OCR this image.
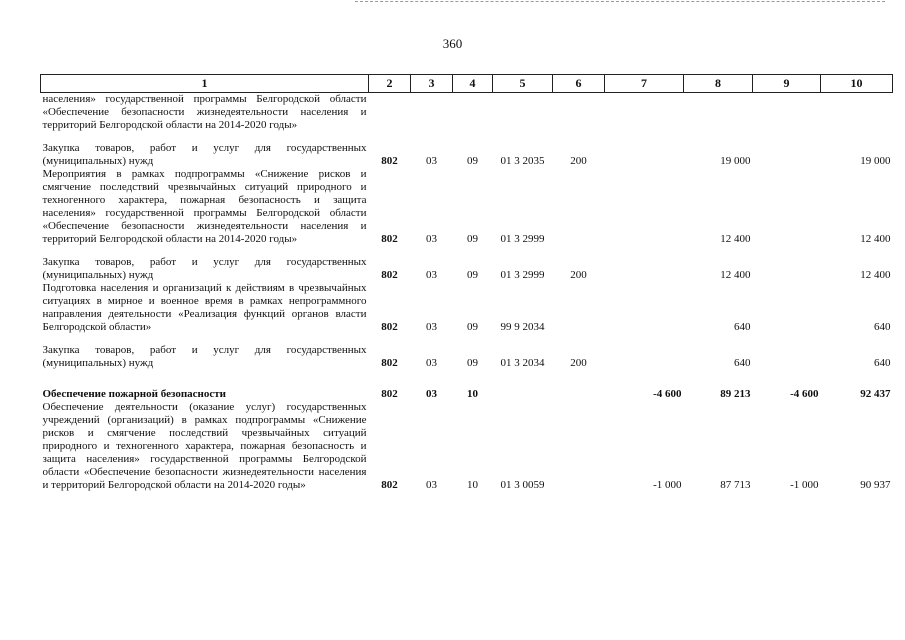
360
1	2	3	4	5	6	7	8	9	10
населения» государственной программы Белгородской области «Обеспечение безопасности жизнедеятельности населения и территорий Белгородской области на 2014-2020 годы»									

Закупка товаров, работ и услуг для государственных (муниципальных) нужд	802	03	09	01 3 2035	200		19 000		19 000
Мероприятия в рамках подпрограммы «Снижение рисков и смягчение последствий чрезвычайных ситуаций природного и техногенного характера, пожарная безопасность и защита населения» государственной программы Белгородской области «Обеспечение безопасности жизнедеятельности населения и территорий Белгородской области на 2014-2020 годы»	802	03	09	01 3 2999			12 400		12 400

Закупка товаров, работ и услуг для государственных (муниципальных) нужд	802	03	09	01 3 2999	200		12 400		12 400
Подготовка населения и организаций к действиям в чрезвычайных ситуациях в мирное и военное время в рамках непрограммного направления деятельности «Реализация функций органов власти Белгородской области»	802	03	09	99 9 2034			640		640

Закупка товаров, работ и услуг для государственных (муниципальных) нужд	802	03	09	01 3 2034	200		640		640

Обеспечение пожарной безопасности	802	03	10			-4 600	89 213	-4 600	92 437
Обеспечение деятельности (оказание услуг) государственных учреждений (организаций) в рамках подпрограммы «Снижение рисков и смягчение последствий чрезвычайных ситуаций природного и техногенного характера, пожарная безопасность и защита населения» государственной программы Белгородской области «Обеспечение безопасности жизнедеятельности населения и территорий Белгородской области на 2014-2020 годы»	802	03	10	01 3 0059		-1 000	87 713	-1 000	90 937
